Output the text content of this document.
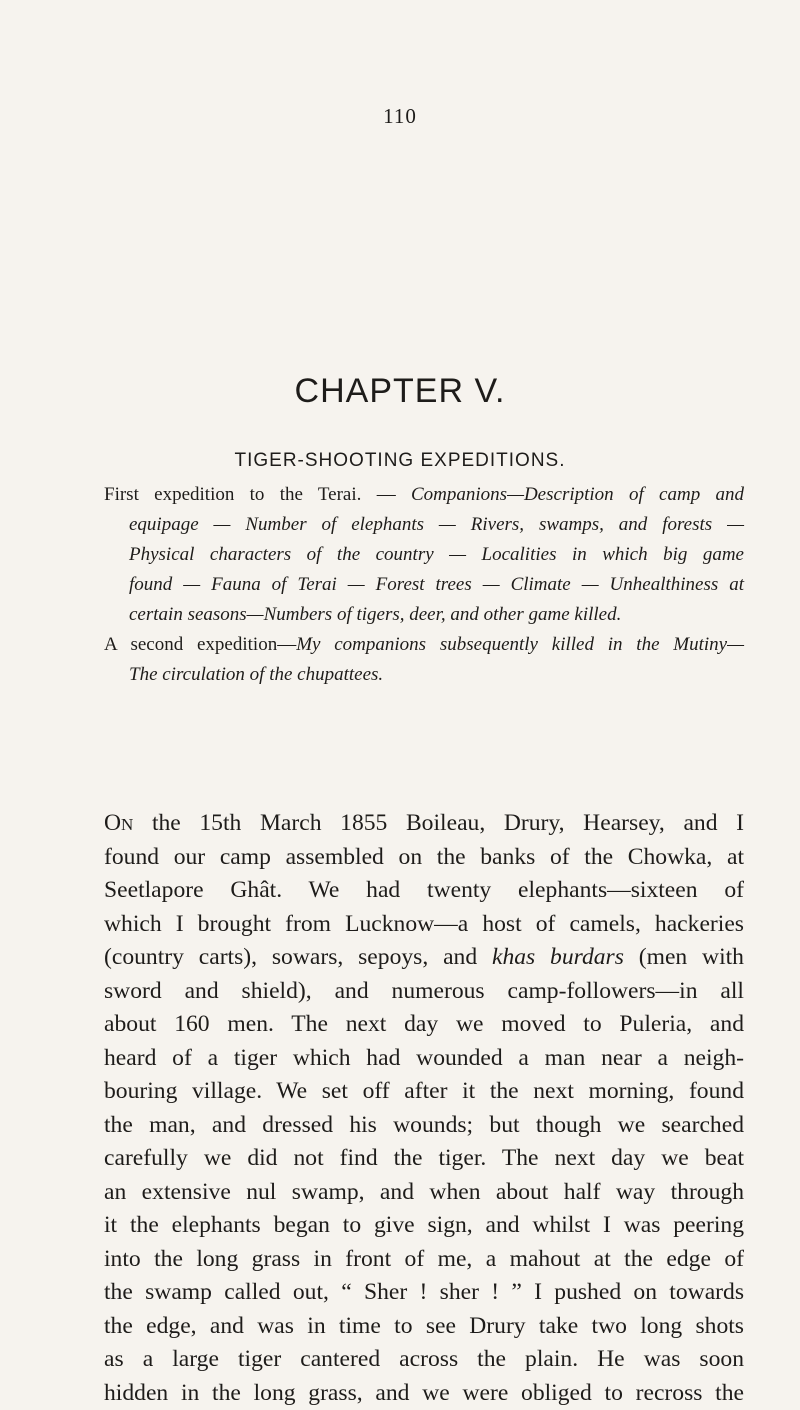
110
CHAPTER V.
TIGER-SHOOTING EXPEDITIONS.
First expedition to the Terai. — Companions—Description of camp and
equipage — Number of elephants — Rivers, swamps, and forests —
Physical characters of the country — Localities in which big game
found — Fauna of Terai — Forest trees — Climate — Unhealthiness at
certain seasons—Numbers of tigers, deer, and other game killed.
A second expedition—My companions subsequently killed in the Mutiny—
The circulation of the chupattees.
On the 15th March 1855 Boileau, Drury, Hearsey, and I
found our camp assembled on the banks of the Chowka, at
Seetlapore Ghât. We had twenty elephants—sixteen of
which I brought from Lucknow—a host of camels, hackeries
(country carts), sowars, sepoys, and khas burdars (men with
sword and shield), and numerous camp-followers—in all
about 160 men. The next day we moved to Puleria, and
heard of a tiger which had wounded a man near a neigh-
bouring village. We set off after it the next morning, found
the man, and dressed his wounds; but though we searched
carefully we did not find the tiger. The next day we beat
an extensive nul swamp, and when about half way through
it the elephants began to give sign, and whilst I was peering
into the long grass in front of me, a mahout at the edge of
the swamp called out, “ Sher ! sher ! ” I pushed on towards
the edge, and was in time to see Drury take two long shots
as a large tiger cantered across the plain. He was soon
hidden in the long grass, and we were obliged to recross the
